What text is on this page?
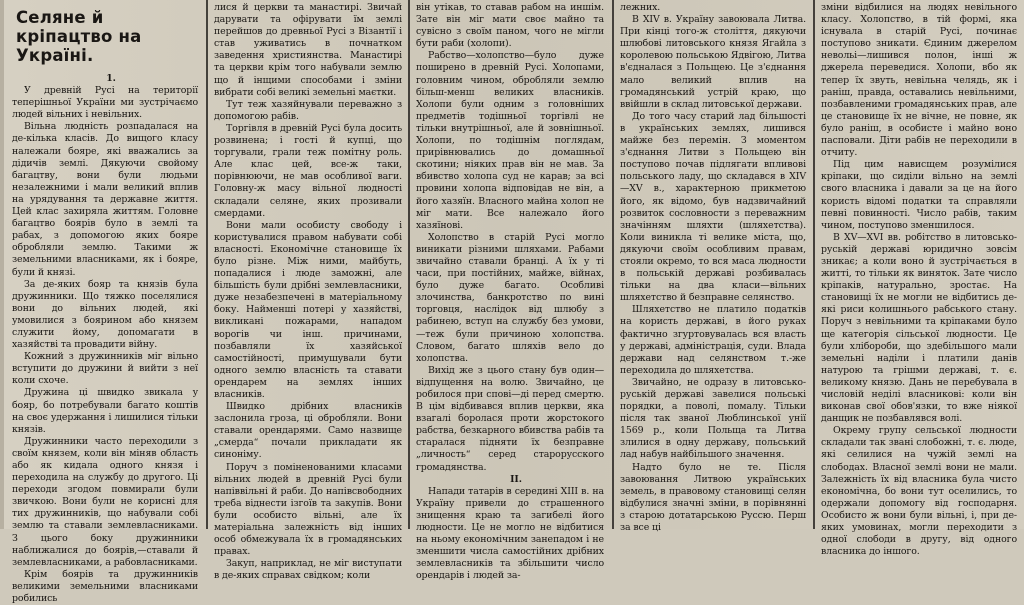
Селяне й кріпацтво на Україні.

1.

У древній Русі на території теперішньої України ми зустрічаємо людей вільних і невільних.

Вільна людність розпадалася на де-кілька класів. До вищого класу належали бояре, які вважались за дідичів землі. Дякуючи свойому багацтву, вони були людьми незалежними і мали великий вплив на урядування та державне життя. Цей клас захиряла життям. Головне багацтво боярів було в землі та рабах, з допомогою яких бояре обробляли землю. Такими ж земельними власниками, як і бояре, були й князі.

За де-яких бояр та князів була дружинники. Що тяжко поселялися вони до вільних людей, які умовилися з боярином або князем служити йому, допомагати в хазяйстві та провадити війну.

Кожний з дружинників міг вільно вступити до дружини й вийти з неї коли схоче.

Дружина ці швидко звикала у бояр, бо потребували багато коштів на своє удержання і лишилися тільки князів.

Дружинники часто переходили з своїм князем, коли він міняв область або як кидала одного князя і переходила на службу до другого. Ці переходи згодом повмирали були звичкою. Вони були не корисні для тих дружинників, що набували собі землю та ставали землевласниками. З цього боку дружинники наближалися до боярів,—ставали й землевласниками, а рабовласниками.

Крім боярів та дружинників великими земельними власниками робились

лися й церкви та манастирі. Звичай дарувати та офірувати їм землі перейшов до древньої Русі з Візантії і став уживатись в почнатком заведення християнства. Манастирі та церкви крім того набували землю що й інщими способами і зміни вибрати собі великі земельні маєтки.

Тут теж хазяйнували переважно з допомогою рабів.

Торгівля в древній Русі була досить розвинена; і гості й купці, що торгували, грали теж помітну роль. Але клас цей, все-ж таки, порівнюючи, не мав особливої ваги. Головну-ж масу вільної людності складали селяне, яких прозивали смердами.

Вони мали особисту свободу і користувалися правом набувати собі власності. Економічне становище їх було різне. Між ними, майбуть, попадалися і люде заможні, але більшість були дрібні землевласники, дуже незабезпечені в матеріальному боку. Найменші потері у хазяйстві, викликані пожарами, нападом ворогів чи інш. причинами, позбавляли їх хазяйської самостійності, примушували бути одного землю власність та ставати орендарем на землях інших власників.

Швидко дрібних власників заслонила гроза, ці обробляли. Вони ставали орендарями. Само назвище „смерда“ почали прикладати як синоніму.

Поруч з поміненованими класами вільних людей в древній Русі були напіввільні й раби. До напівсвободних треба віднести ізгоїв та закупів. Вони були особисто вільні, але їх матеріальна залежність від інших особ обмежувала їх в громадянських правах.

Закуп, наприклад, не міг виступати в де-яких справах свідком; коли

він утікав, то ставав рабом на иншім. Зате він міг мати своє майно та сувісно з своїм паном, чого не мігли бути раби (холопи).

Рабство—холопство—було дуже поширено в древній Русі. Холопами, головним чином, обробляли землю більш-менш великих власників. Холопи були одним з головніших предметів тодішньої торгівлі не тільки внутрішньої, але й зовнішньої. Холопи, по тодішнім поглядам, прирівнювались до домашньої скотини; ніяких прав він не мав. За вбивство холопа суд не карав; за всі провини холопа відповідав не він, а його хазяїн. Власного майна холоп не міг мати. Все належало його хазяїнові.

Холопство в старій Русі могло виникати різними шляхами. Рабами звичайно ставали бранці. А їх у ті часи, при постійних, майже, війнах, було дуже багато. Особливі злочинства, банкротство по вині торговця, наслідок від шлюбу з рабинею, вступ на службу без умови,—теж були причиною холопства. Словом, багато шляхів вело до холопства.

Вихід же з цього стану був один—відпущення на волю. Звичайно, це робилося при спові—ді перед смертю. В цім відбивався вплив церкви, яка взагалі боролася проти жорстокого рабства, безкарного вбивства рабів та старалася підняти їх безправне „личность“ серед старорусского громадянства.

II.

Напади татарів в середині XIII в. на Україну привели до страшенного знищення краю та загибелі його людности. Це не могло не відбитися на ньому економічним занепадом і не зменшити числа самостійних дрібних землевласників та збільшити число орендарів і людей за-

лежних.

В XIV в. Україну завоювала Литва. При кінці того-ж століття, дякуючи шлюбові литовського князя Ягайла з королевою польською Ядвігою, Литва в'єдналася з Польщею. Це з'єднання мало великий вплив на громадянський устрій краю, що ввійшли в склад литовської держави.

До того часу старий лад більшості в українських землях, лишився майже без перемін. З моментом з'єднання Литви з Польщею він поступово почав підлягати впливові польського ладу, що складався в XIV—XV в., характерною прикметою його, як відомо, був надзвичайний розвиток сословности з переважним значінням шляхти (шляхетства). Коли виникла ті велике міста, що, дякуючи своїм особливим правам, стояли окремо, то вся маса людности в польській державі розбивалась тільки на два класи—вільних шляхетство й безправне селянство.

Шляхетство не платило податків на користь державі, в його руках фактично згуртовувалась вся власть у державі, адміністрація, суди. Влада держави над селянством т.-же переходила до шляхетства.

Звичайно, не одразу в литовсько-руській державі завелися польські порядки, а поволі, помалу. Тільки після так званої Люблинської унії 1569 р., коли Польща та Литва злилися в одну державу, польський лад набув найбільшого значення.

Надто було не те. Після завоювання Литвою українських земель, в правовому становищі селян відбулися значні зміни, в порівнянні з старою дотатарською Руссю. Перш за все ці

зміни відбилися на людях невільного класу. Холопство, в тій формі, яка існувала в старій Русі, починає поступово зникати. Єдиним джерелом невольі—лишився полон, інші ж джерела переведися. Холопи, вбо як тепер їх звуть, невільна челядь, як і раніш, правда, оставались невільними, позбавленими громадянських прав, але це становище їх не вічне, не повне, як було раніш, в особисте і майно воно пасповали. Діти рабів не переходили в отчиту.

Під цим нависщем розумілися кріпаки, що сиділи вільно на землі свого власника і давали за це на його користь відомі податки та справляли певні повинності. Число рабів, таким чином, поступово зменшилося.

В XV—XVI вв. робітство в литовсько-руській державі юридично зовсім зникає; а коли воно й зустрічається в житті, то тільки як виняток. Зате число кріпаків, натурально, зростає. На становищі їх не могли не відбитись де-які риси колишнього рабського стану. Поруч з невільними та кріпаками було ще категорія сільської людности. Це були хлібороби, що здебільшого мали земельні наділи і платили данів натурою та грішми державі, т. є. великому князю. Дань не перебувала в числовій неділі власникові: коли він виконав свої обов'язки, то вже ніякої данщик не позбавлявся волі.

Окрему групу сельської людности складали так звані слобожні, т. є. люде, які селилися на чужій землі на слободах. Власної землі вони не мали. Залежність їх від власника була чисто економічна, бо вони тут оселились, то одержали допомогу від господарня. Особисто ж вони були вільні, і, при де-яких умовинах, могли переходити з одної слободи в другу, від одного власника до іншого.
